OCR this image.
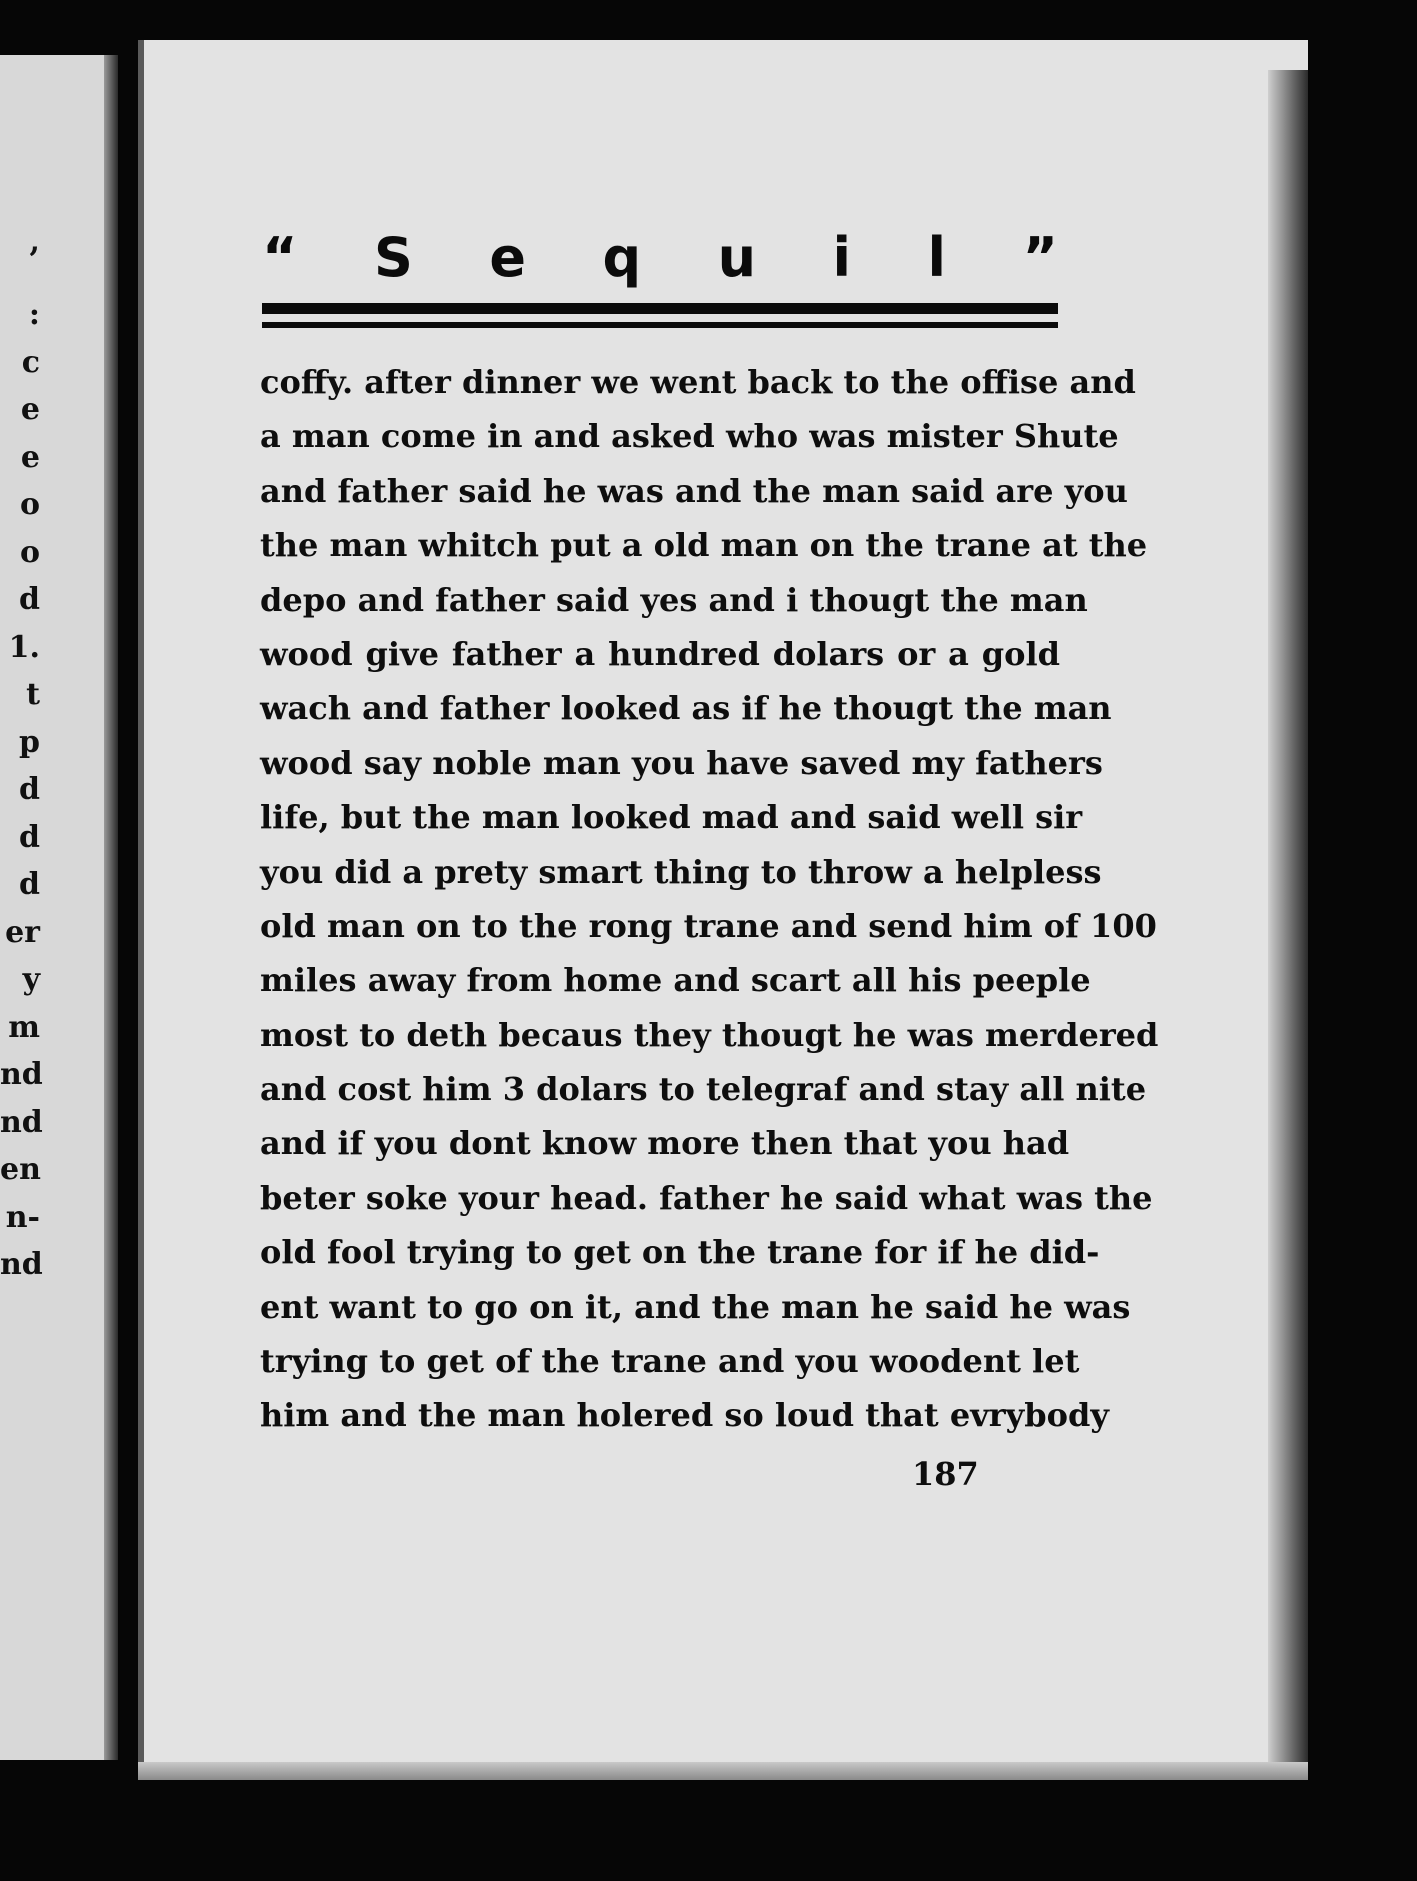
,
:
c
e
e
o
o
d
1.
t
p
d
d
d
er
y
m
nd
nd
en
n-
nd
“ S e q u i l ”
coffy. after dinner we went back to the offise and
a man come in and asked who was mister Shute
and father said he was and the man said are you
the man whitch put a old man on the trane at the
depo and father said yes and i thougt the man
wood give father a hundred dolars or a gold
wach and father looked as if he thougt the man
wood say noble man you have saved my fathers
life, but the man looked mad and said well sir
you did a prety smart thing to throw a helpless
old man on to the rong trane and send him of 100
miles away from home and scart all his peeple
most to deth becaus they thougt he was merdered
and cost him 3 dolars to telegraf and stay all nite
and if you dont know more then that you had
beter soke your head. father he said what was the
old fool trying to get on the trane for if he did-
ent want to go on it, and the man he said he was
trying to get of the trane and you woodent let
him and the man holered so loud that evrybody
187
